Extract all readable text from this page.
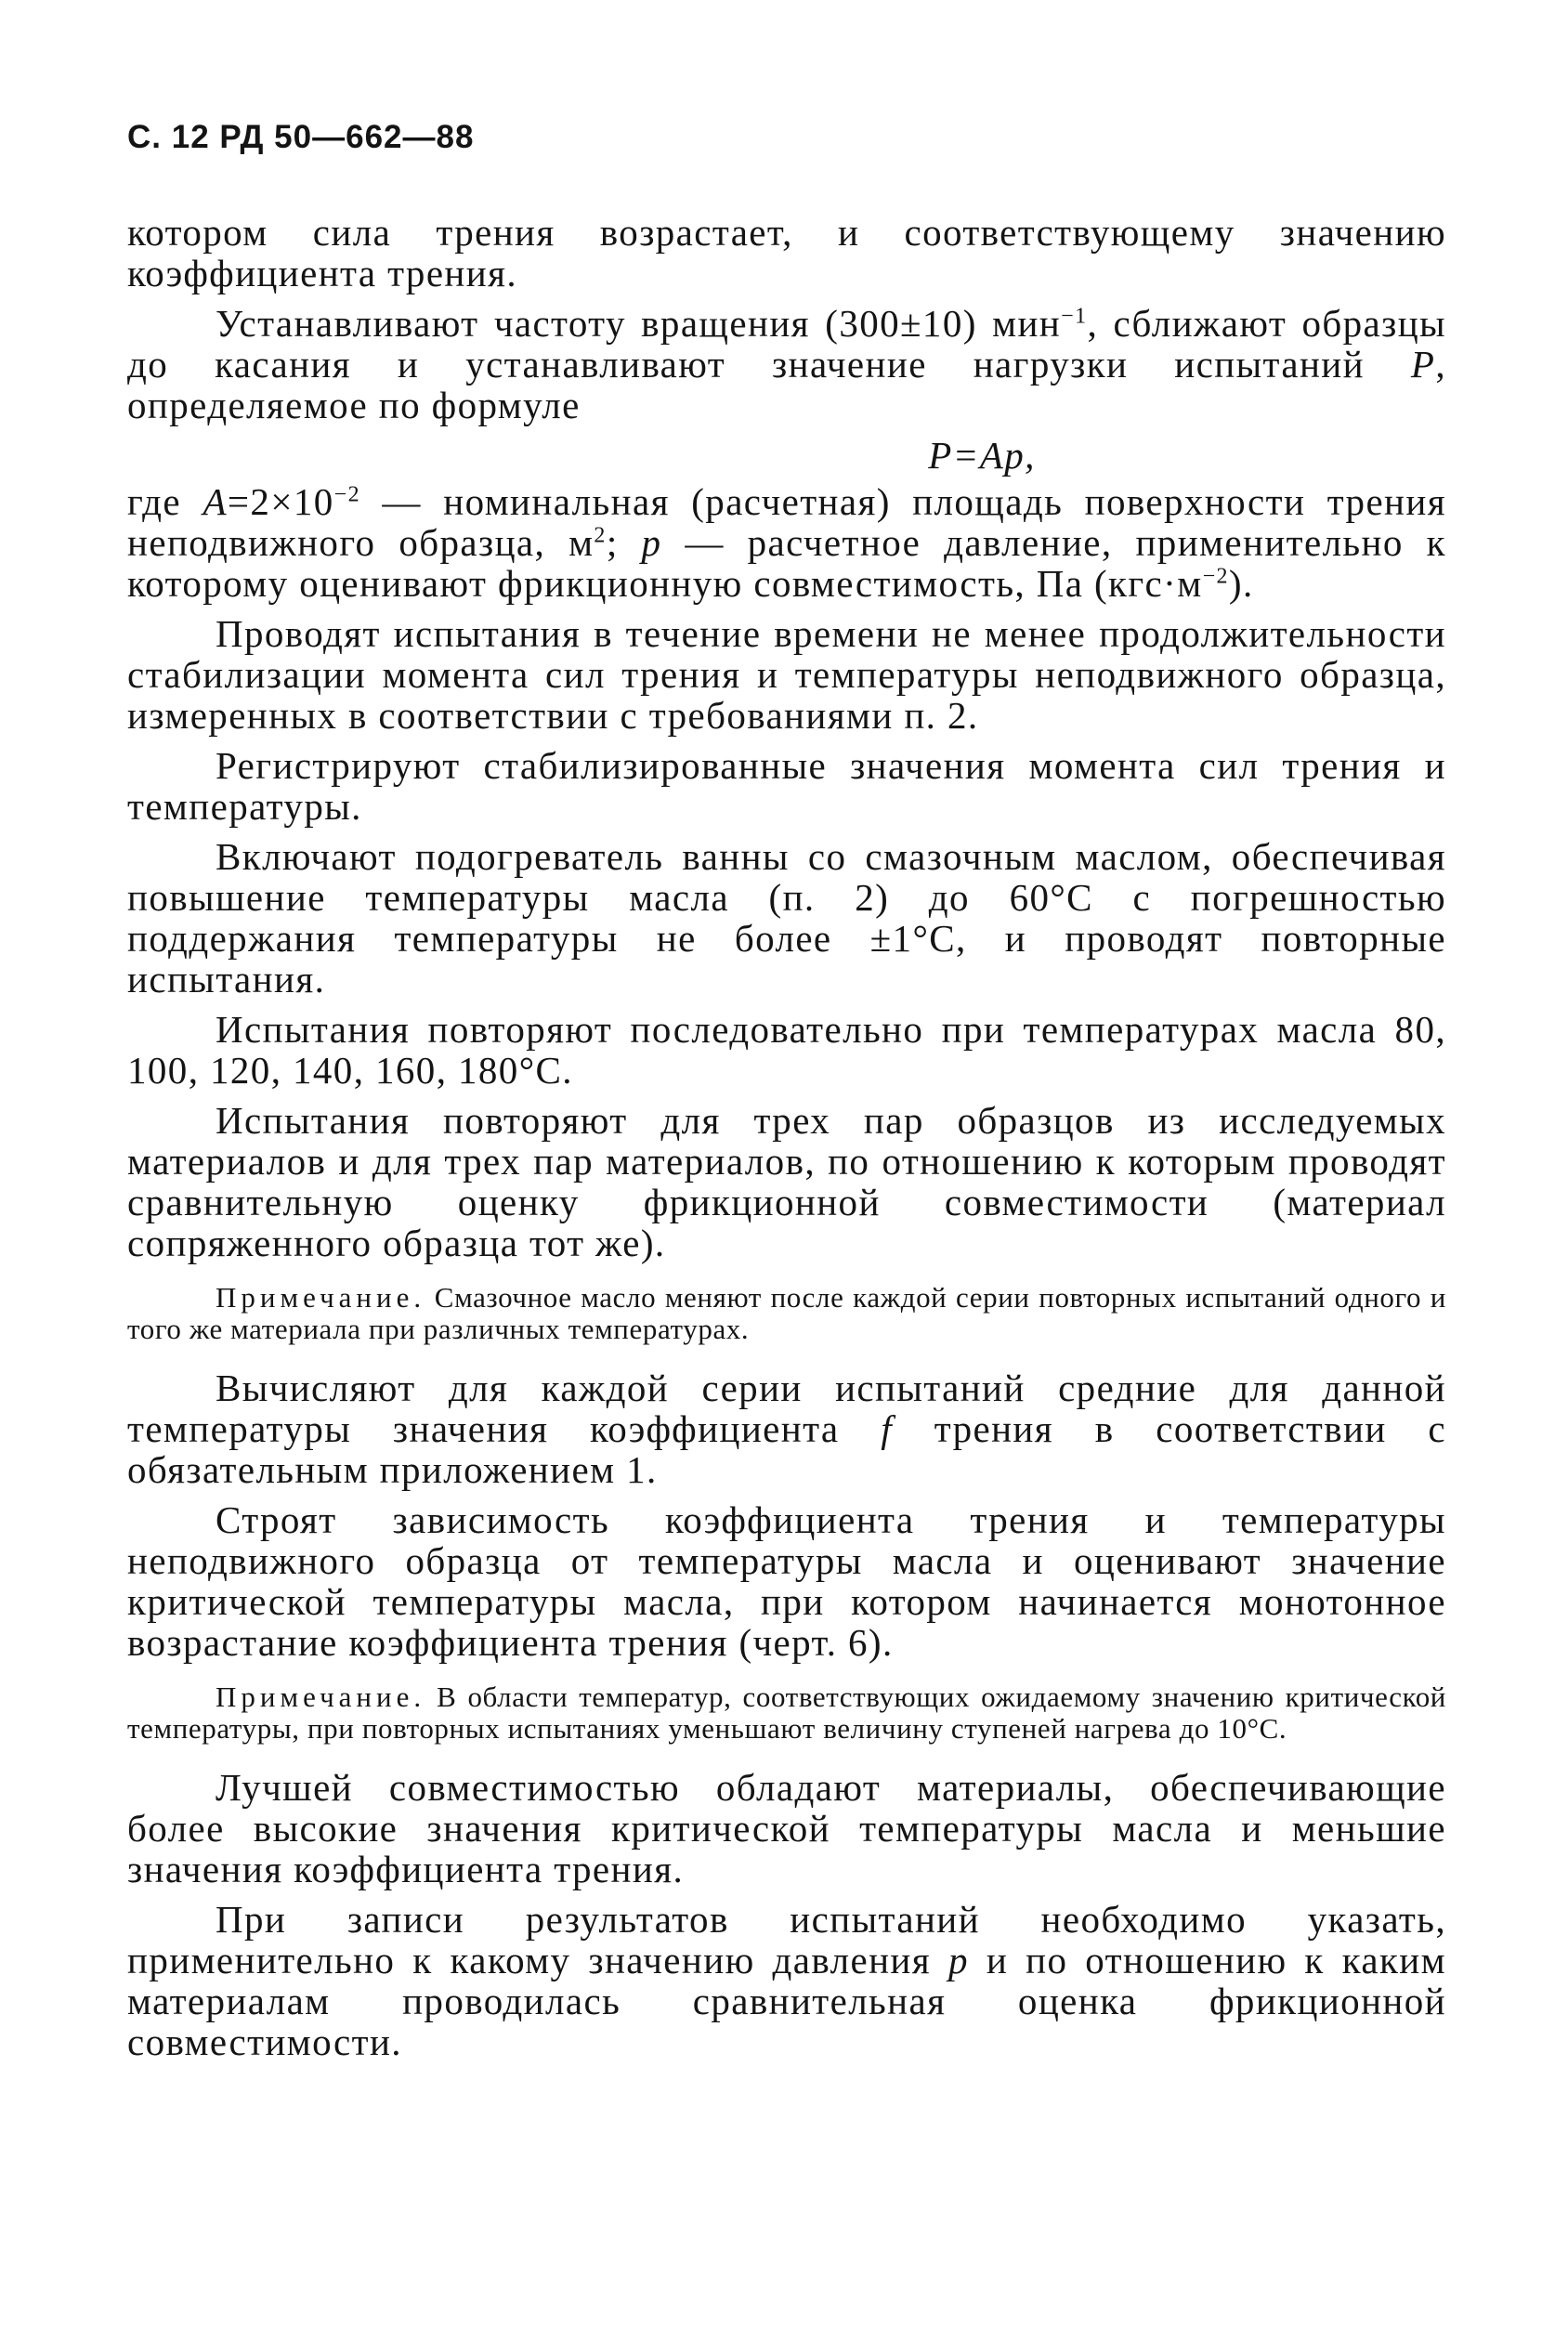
С. 12 РД 50—662—88

котором сила трения возрастает, и соответствующему значению коэффициента трения.

Устанавливают частоту вращения (300±10) мин$^{-1}$, сближают образцы до касания и устанавливают значение нагрузки испытаний P, определяемое по формуле

P=Ap,

где $A=2\times 10^{-2}$ — номинальная (расчетная) площадь поверхности трения неподвижного образца, $м^2$; p — расчетное давление, применительно к которому оценивают фрикционную совместимость, Па $(кгс\cdot м^{-2})$.

Проводят испытания в течение времени не менее продолжительности стабилизации момента сил трения и температуры неподвижного образца, измеренных в соответствии с требованиями п. 2.

Регистрируют стабилизированные значения момента сил трения и температуры.

Включают подогреватель ванны со смазочным маслом, обеспечивая повышение температуры масла (п. 2) до 60°С с погрешностью поддержания температуры не более ±1°С, и проводят повторные испытания.

Испытания повторяют последовательно при температурах масла 80, 100, 120, 140, 160, 180°С.

Испытания повторяют для трех пар образцов из исследуемых материалов и для трех пар материалов, по отношению к которым проводят сравнительную оценку фрикционной совместимости (материал сопряженного образца тот же).

Примечание. Смазочное масло меняют после каждой серии повторных испытаний одного и того же материала при различных температурах.

Вычисляют для каждой серии испытаний средние для данной температуры значения коэффициента f трения в соответствии с обязательным приложением 1.

Строят зависимость коэффициента трения и температуры неподвижного образца от температуры масла и оценивают значение критической температуры масла, при котором начинается монотонное возрастание коэффициента трения (черт. 6).

Примечание. В области температур, соответствующих ожидаемому значению критической температуры, при повторных испытаниях уменьшают величину ступеней нагрева до 10°С.

Лучшей совместимостью обладают материалы, обеспечивающие более высокие значения критической температуры масла и меньшие значения коэффициента трения.

При записи результатов испытаний необходимо указать, применительно к какому значению давления p и по отношению к каким материалам проводилась сравнительная оценка фрикционной совместимости.
